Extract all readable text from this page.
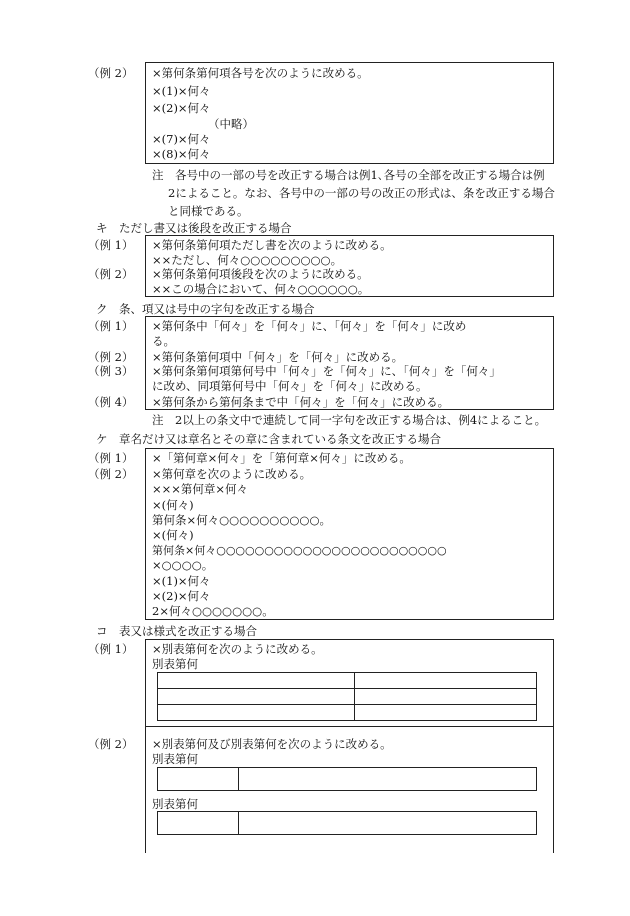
（例 2） ×第何条第何項各号を次のように改める。
×(1)×何々
×(2)×何々
（中略）
×(7)×何々
×(8)×何々
注　各号中の一部の号を改正する場合は例1､各号の全部を改正する場合は例
2によること。なお、各号中の一部の号の改正の形式は、条を改正する場合
と同様である。
キ　ただし書又は後段を改正する場合
（例 1） ×第何条第何項ただし書を次のように改める。
××ただし、何々○○○○○○○○○。
（例 2） ×第何条第何項後段を次のように改める。
××この場合において、何々○○○○○○。
ク　条、項又は号中の字句を改正する場合
（例 1） ×第何条中「何々」を「何々」に、「何々」を「何々」に改め
る。
（例 2） ×第何条第何項中「何々」を「何々」に改める。
（例 3） ×第何条第何項第何号中「何々」を「何々」に、「何々」を「何々」
に改め、同項第何号中「何々」を「何々」に改める。
（例 4） ×第何条から第何条まで中「何々」を「何々」に改める。
注　2以上の条文中で連続して同一字句を改正する場合は、例4によること。
ケ　章名だけ又は章名とその章に含まれている条文を改正する場合
（例 1） ×「第何章×何々」を「第何章×何々」に改める。
（例 2） ×第何章を次のように改める。
×××第何章×何々
×(何々)
第何条×何々○○○○○○○○○○。
×(何々)
第何条×何々○○○○○○○○○○○○○○○○○○○○○○○○
×○○○○。
×(1)×何々
×(2)×何々
2×何々○○○○○○○。
コ　表又は様式を改正する場合
（例 1） ×別表第何を次のように改める。
別表第何

（例 2） ×別表第何及び別表第何を次のように改める。
別表第何

別表第何
